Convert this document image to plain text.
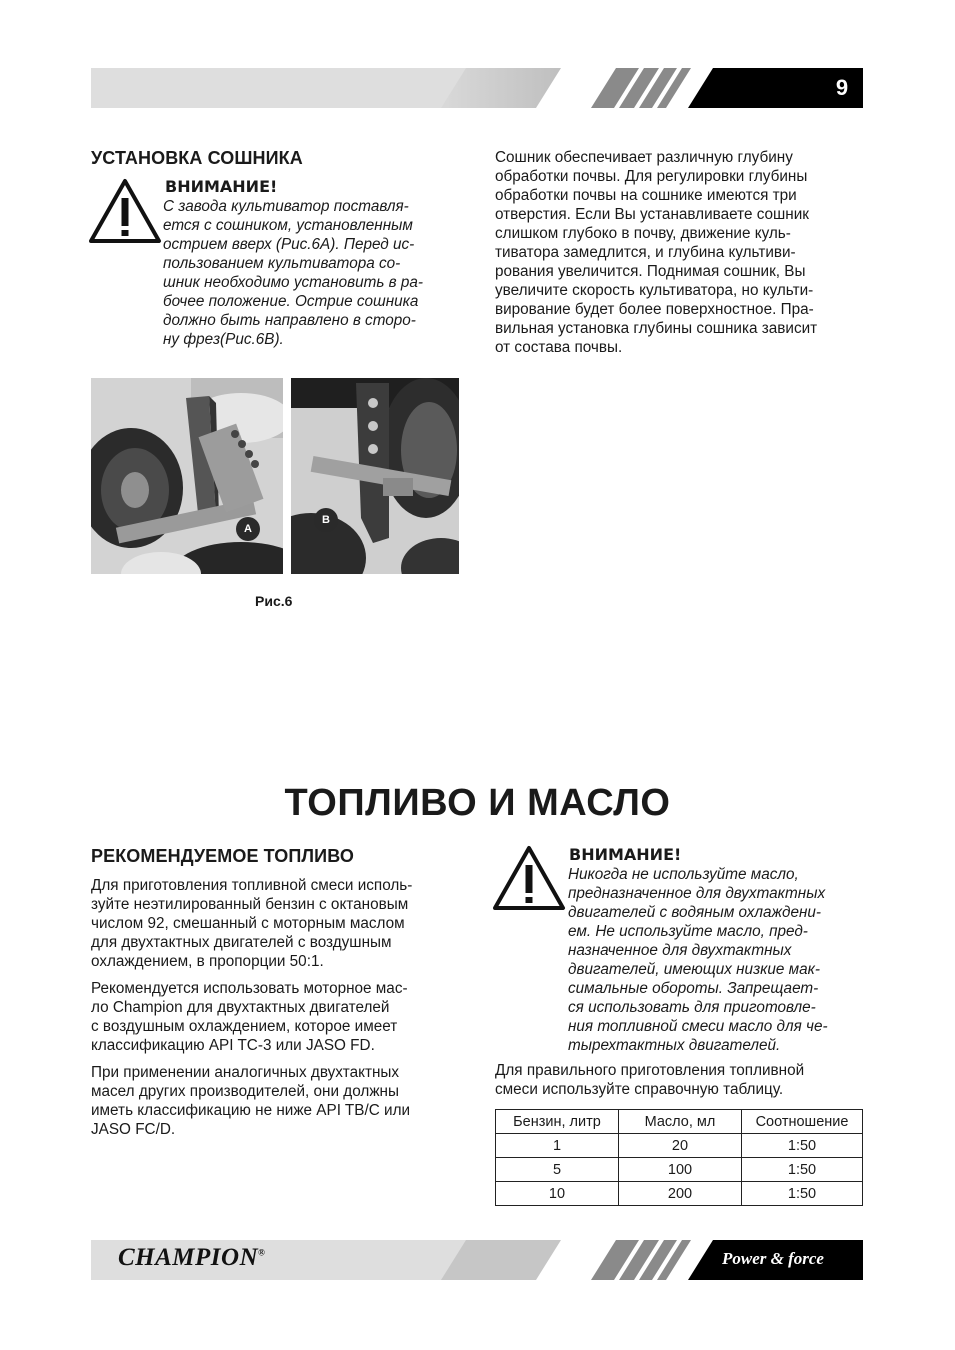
9
УСТАНОВКА СОШНИКА
ВНИМАНИЕ!
С завода культиватор поставля-
ется с сошником, установленным
острием вверх (Рис.6А). Перед ис-
пользованием культиватора со-
шник необходимо установить в ра-
бочее положение. Острие сошника
должно быть направлено в сторо-
ну фрез(Рис.6В).
Сошник обеспечивает различную глубину
обработки почвы. Для регулировки глубины
обработки почвы на сошнике имеются три
отверстия. Если Вы устанавливаете сошник
слишком глубоко в почву, движение куль-
тиватора замедлится, и глубина культиви-
рования увеличится. Поднимая сошник, Вы
увеличите скорость культиватора, но культи-
вирование будет более поверхностное. Пра-
вильная установка глубины сошника зависит
от состава почвы.
A
B
Рис.6
ТОПЛИВО И МАСЛО
РЕКОМЕНДУЕМОЕ ТОПЛИВО

Для приготовления топливной смеси исполь-
зуйте неэтилированный бензин с октановым
числом 92, смешанный с моторным маслом
для двухтактных двигателей с воздушным
охлаждением, в пропорции 50:1.

Рекомендуется использовать моторное мас-
ло Champion для двухтактных двигателей
с воздушным охлаждением, которое имеет
классификацию API TC-3 или JASO FD.

При применении аналогичных двухтактных
масел других производителей, они должны
иметь классификацию не ниже API TB/C или
JASO FC/D.

ВНИМАНИЕ!
Никогда не используйте масло,
предназначенное для двухтактных
двигателей с водяным охлаждени-
ем. Не используйте масло, пред-
назначенное для двухтактных
двигателей, имеющих низкие мак-
симальные обороты. Запрещает-
ся использовать для приготовле-
ния топливной смеси масло для че-
тырехтактных двигателей.
Для правильного приготовления топливной
смеси используйте справочную таблицу.
Бензин, литр	Масло, мл	Соотношение
1	20	1:50
5	100	1:50
10	200	1:50
CHAMPION®	Power & force
